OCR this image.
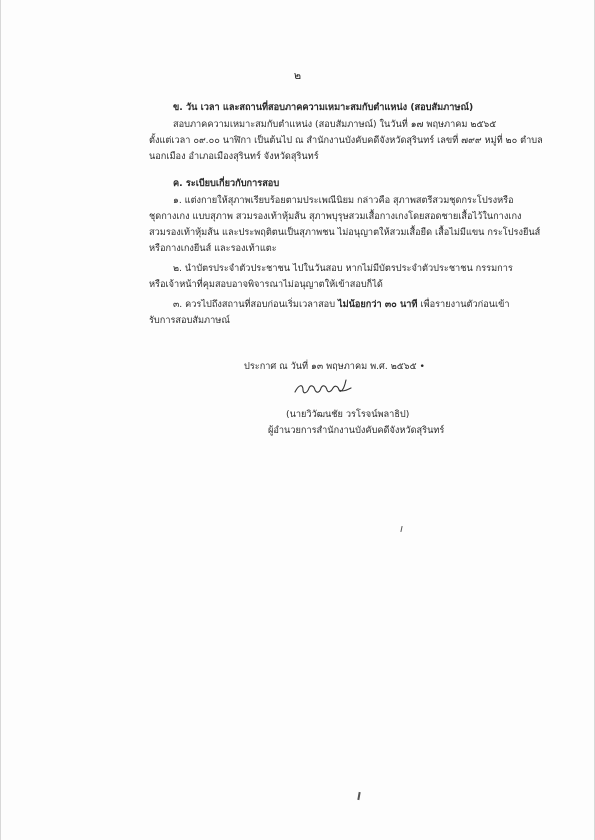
๒
ข. วัน เวลา และสถานที่สอบภาคความเหมาะสมกับตำแหน่ง (สอบสัมภาษณ์)
สอบภาคความเหมาะสมกับตำแหน่ง (สอบสัมภาษณ์) ในวันที่ ๑๗ พฤษภาคม ๒๕๖๕
ตั้งแต่เวลา ๐๙.๐๐ นาฬิกา เป็นต้นไป ณ สำนักงานบังคับคดีจังหวัดสุรินทร์ เลขที่ ๗๙๙ หมู่ที่ ๒๐ ตำบล
นอกเมือง อำเภอเมืองสุรินทร์ จังหวัดสุรินทร์
ค. ระเบียบเกี่ยวกับการสอบ
๑. แต่งกายให้สุภาพเรียบร้อยตามประเพณีนิยม กล่าวคือ สุภาพสตรีสวมชุดกระโปรงหรือ
ชุดกางเกง แบบสุภาพ สวมรองเท้าหุ้มส้น สุภาพบุรุษสวมเสื้อกางเกงโดยสอดชายเสื้อไว้ในกางเกง
สวมรองเท้าหุ้มส้น และประพฤติตนเป็นสุภาพชน ไม่อนุญาตให้สวมเสื้อยืด เสื้อไม่มีแขน กระโปรงยีนส์
หรือกางเกงยีนส์ และรองเท้าแตะ
๒. นำบัตรประจำตัวประชาชน ไปในวันสอบ หากไม่มีบัตรประจำตัวประชาชน กรรมการ
หรือเจ้าหน้าที่คุมสอบอาจพิจารณาไม่อนุญาตให้เข้าสอบก็ได้
๓. ควรไปถึงสถานที่สอบก่อนเริ่มเวลาสอบ ไม่น้อยกว่า ๓๐ นาที เพื่อรายงานตัวก่อนเข้า
รับการสอบสัมภาษณ์
ประกาศ ณ วันที่ ๑๓ พฤษภาคม พ.ศ. ๒๕๖๕ •
(นายวิวัฒนชัย วรโรจน์พลาธิป)
ผู้อำนวยการสำนักงานบังคับคดีจังหวัดสุรินทร์
